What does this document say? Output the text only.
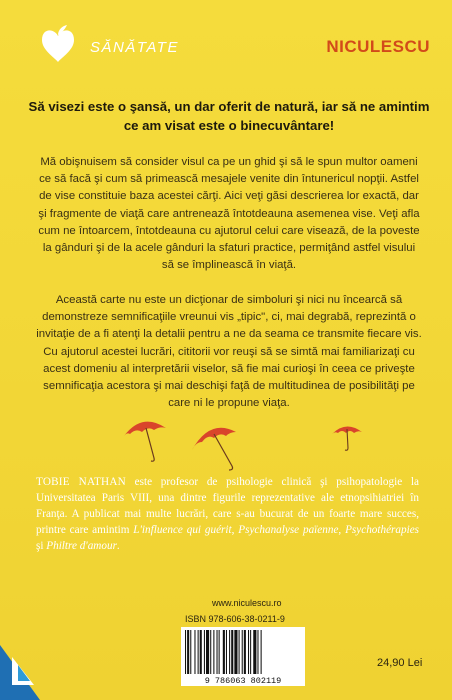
SĂNĂTATE	NICULESCU
Să visezi este o şansă, un dar oferit de natură, iar să ne amintim ce am visat este o binecuvântare!
Mă obişnuisem să consider visul ca pe un ghid şi să le spun multor oameni ce să facă şi cum să primească mesajele venite din întunericul nopţii. Astfel de vise constituie baza acestei cărţi. Aici veţi găsi descrierea lor exactă, dar şi fragmente de viaţă care antrenează întotdeauna asemenea vise. Veţi afla cum ne întoarcem, întotdeauna cu ajutorul celui care visează, de la poveste la gânduri şi de la acele gânduri la sfaturi practice, permiţând astfel visului să se împlinească în viaţă.
Această carte nu este un dicţionar de simboluri şi nici nu încearcă să demonstreze semnificaţiile vreunui vis „tipic", ci, mai degrabă, reprezintă o invitaţie de a fi atenţi la detalii pentru a ne da seama ce transmite fiecare vis. Cu ajutorul acestei lucrări, cititorii vor reuşi să se simtă mai familiarizaţi cu acest domeniu al interpretării viselor, să fie mai curioşi în ceea ce priveşte semnificaţia acestora şi mai deschişi faţă de multitudinea de posibilităţi pe care ni le propune viaţa.
TOBIE NATHAN este profesor de psihologie clinică şi psihopatologie la Universitatea Paris VIII, una dintre figurile reprezentative ale etnopsihiatriei în Franţa. A publicat mai multe lucrări, care s-au bucurat de un foarte mare succes, printre care amintim L'influence qui guérit, Psychanalyse païenne, Psychothérapies şi Philtre d'amour.
www.niculescu.ro
ISBN 978-606-38-0211-9
9 786063 802119
24,90 Lei
